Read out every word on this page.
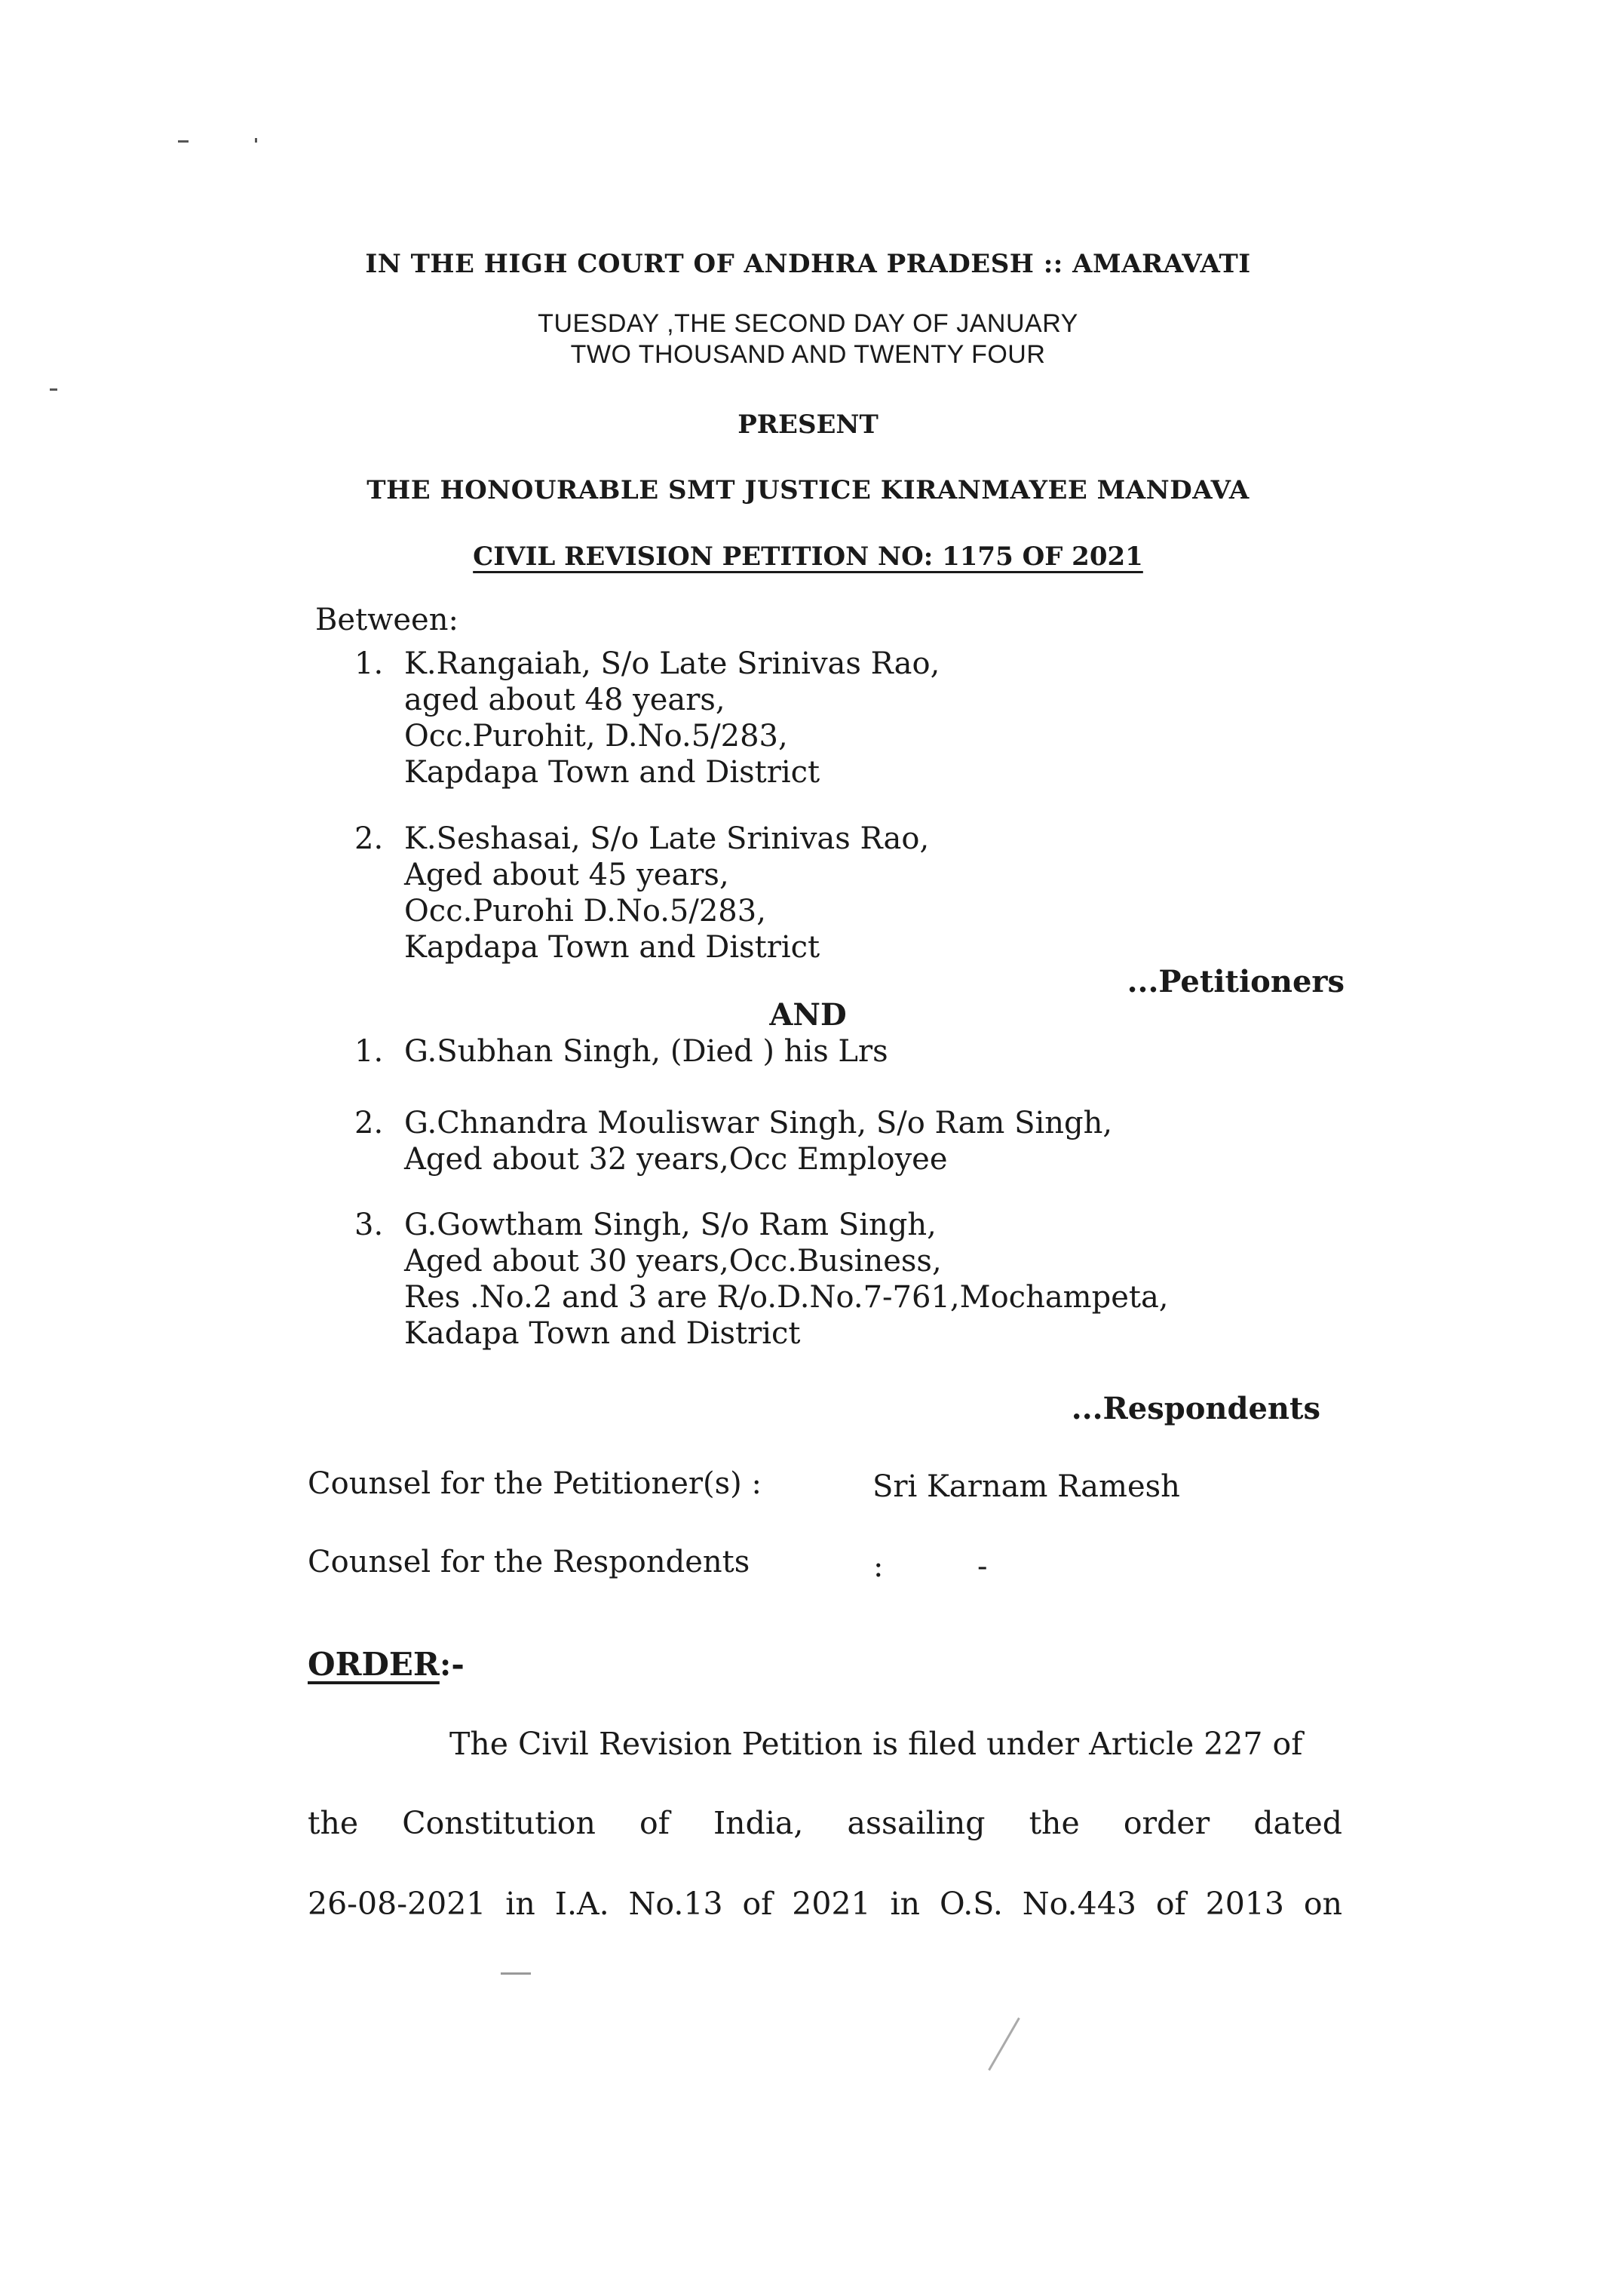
IN THE HIGH COURT OF ANDHRA PRADESH :: AMARAVATI
TUESDAY ,THE SECOND DAY OF JANUARY
TWO THOUSAND AND TWENTY FOUR
PRESENT
THE HONOURABLE SMT JUSTICE KIRANMAYEE MANDAVA
CIVIL REVISION PETITION NO: 1175 OF 2021
Between:
1. K.Rangaiah, S/o Late Srinivas Rao,
aged about 48 years,
Occ.Purohit, D.No.5/283,
Kapdapa Town and District
2. K.Seshasai, S/o Late Srinivas Rao,
Aged about 45 years,
Occ.Purohi D.No.5/283,
Kapdapa Town and District
...Petitioners
AND
1. G.Subhan Singh, (Died ) his Lrs
2. G.Chnandra Mouliswar Singh, S/o Ram Singh,
Aged about 32 years,Occ Employee
3. G.Gowtham Singh, S/o Ram Singh,
Aged about 30 years,Occ.Business,
Res .No.2 and 3 are R/o.D.No.7-761,Mochampeta,
Kadapa Town and District
...Respondents
Counsel for the Petitioner(s) :	Sri Karnam Ramesh
Counsel for the Respondents	:	-
ORDER:-
The Civil Revision Petition is filed under Article 227 of
the Constitution of India, assailing the order dated
26-08-2021 in I.A. No.13 of 2021 in O.S. No.443 of 2013 on
